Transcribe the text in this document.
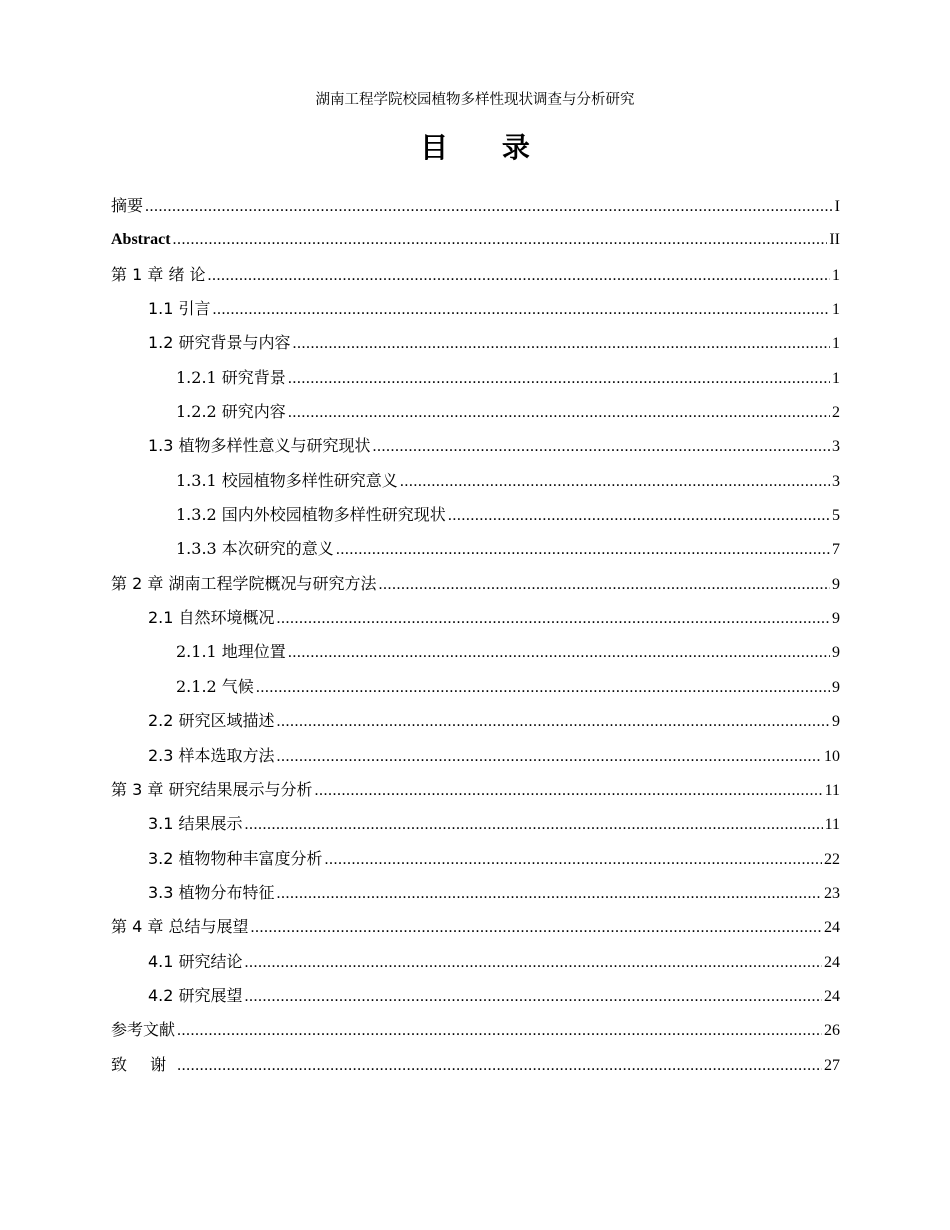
湖南工程学院校园植物多样性现状调查与分析研究
目 录
摘要 .....	I
Abstract .....	II
第 1 章 绪 论 .....	1
1.1 引言 .....	1
1.2 研究背景与内容 .....	1
1.2.1 研究背景 .....	1
1.2.2 研究内容 .....	2
1.3 植物多样性意义与研究现状 .....	3
1.3.1 校园植物多样性研究意义 .....	3
1.3.2 国内外校园植物多样性研究现状 .....	5
1.3.3 本次研究的意义 .....	7
第 2 章 湖南工程学院概况与研究方法 .....	9
2.1 自然环境概况 .....	9
2.1.1 地理位置 .....	9
2.1.2 气候 .....	9
2.2 研究区域描述 .....	9
2.3 样本选取方法 .....	10
第 3 章 研究结果展示与分析 .....	11
3.1 结果展示 .....	11
3.2 植物物种丰富度分析 .....	22
3.3 植物分布特征 .....	23
第 4 章 总结与展望 .....	24
4.1 研究结论 .....	24
4.2 研究展望 .....	24
参考文献 .....	26
致 谢 .....	27
